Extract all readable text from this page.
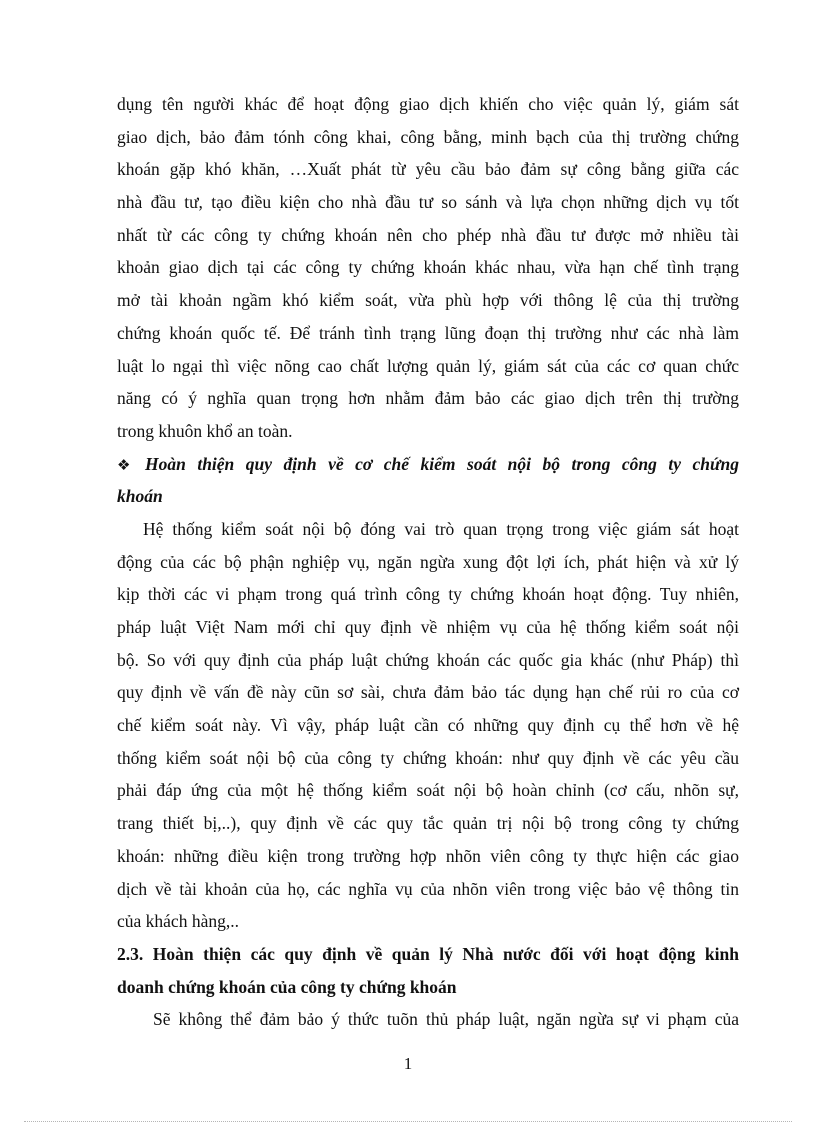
dụng tên người khác để hoạt động giao dịch khiến cho việc quản lý, giám sát
giao dịch, bảo đảm tónh công khai, công bằng, minh bạch của thị trường chứng
khoán gặp khó khăn, …Xuất phát từ yêu cầu bảo đảm sự công bằng giữa các
nhà đầu tư, tạo điều kiện cho nhà đầu tư so sánh và lựa chọn những dịch vụ tốt
nhất từ các công ty chứng khoán nên cho phép nhà đầu tư được mở nhiều tài
khoản giao dịch tại các công ty chứng khoán khác nhau, vừa hạn chế tình trạng
mở tài khoản ngầm khó kiểm soát, vừa phù hợp với thông lệ của thị trường
chứng khoán quốc tế. Để tránh tình trạng lũng đoạn thị trường như các nhà làm
luật lo ngại thì việc nõng cao chất lượng quản lý, giám sát của các cơ quan chức
năng có ý nghĩa quan trọng hơn nhằm đảm bảo các giao dịch trên thị trường
trong khuôn khổ an toàn.
❖ Hoàn thiện quy định về cơ chế kiểm soát nội bộ trong công ty chứng
khoán
Hệ thống kiểm soát nội bộ đóng vai trò quan trọng trong việc giám sát hoạt
động của các bộ phận nghiệp vụ, ngăn ngừa xung đột lợi ích, phát hiện và xử lý
kịp thời các vi phạm trong quá trình công ty chứng khoán hoạt động. Tuy nhiên,
pháp luật Việt Nam mới chỉ quy định về nhiệm vụ của hệ thống kiểm soát nội
bộ. So với quy định của pháp luật chứng khoán các quốc gia khác (như Pháp) thì
quy định về vấn đề này cũn sơ sài, chưa đảm bảo tác dụng hạn chế rủi ro của cơ
chế kiểm soát này. Vì vậy, pháp luật cần có những quy định cụ thể hơn về hệ
thống kiểm soát nội bộ của công ty chứng khoán: như quy định về các yêu cầu
phải đáp ứng của một hệ thống kiểm soát nội bộ hoàn chỉnh (cơ cấu, nhõn sự,
trang thiết bị,..), quy định về các quy tắc quản trị nội bộ trong công ty chứng
khoán: những điều kiện trong trường hợp nhõn viên công ty thực hiện các giao
dịch về tài khoản của họ, các nghĩa vụ của nhõn viên trong việc bảo vệ thông tin
của khách hàng,..
2.3. Hoàn thiện các quy định về quản lý Nhà nước đối với hoạt động kinh
doanh chứng khoán của công ty chứng khoán
Sẽ không thể đảm bảo ý thức tuõn thủ pháp luật, ngăn ngừa sự vi phạm của
1
